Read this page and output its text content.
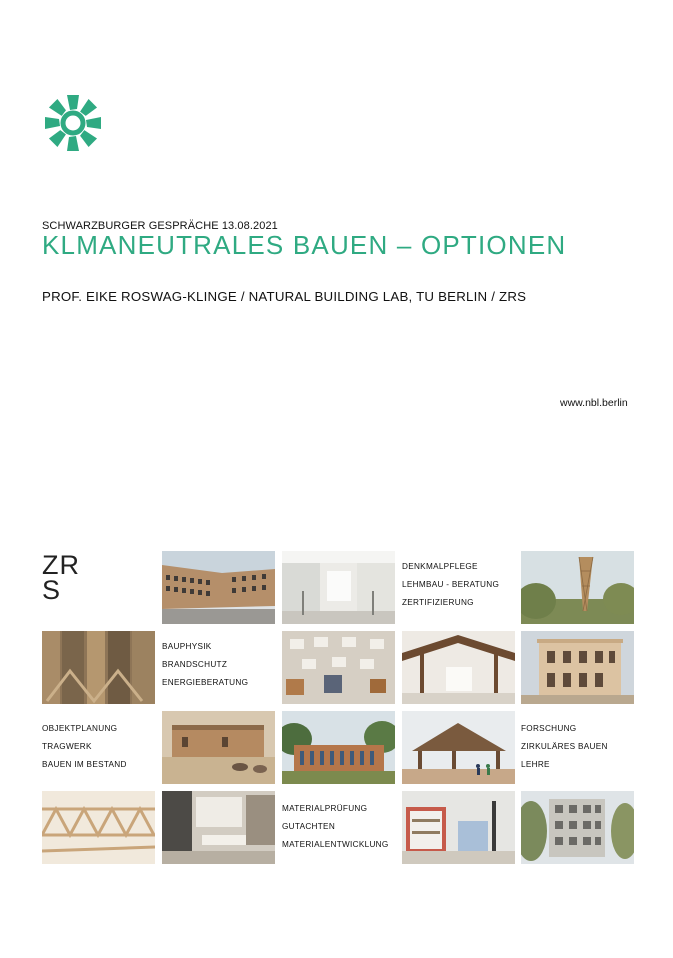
SCHWARZBURGER GESPRÄCHE 13.08.2021
KLMANEUTRALES BAUEN – OPTIONEN
PROF. EIKE ROSWAG-KLINGE / NATURAL BUILDING LAB, TU BERLIN / ZRS
www.nbl.berlin
ZR
S
DENKMALPFLEGE
LEHMBAU - BERATUNG
ZERTIFIZIERUNG
BAUPHYSIK
BRANDSCHUTZ
ENERGIEBERATUNG
OBJEKTPLANUNG
TRAGWERK
BAUEN IM BESTAND
FORSCHUNG
ZIRKULÄRES BAUEN
LEHRE
MATERIALPRÜFUNG
GUTACHTEN
MATERIALENTWICKLUNG
